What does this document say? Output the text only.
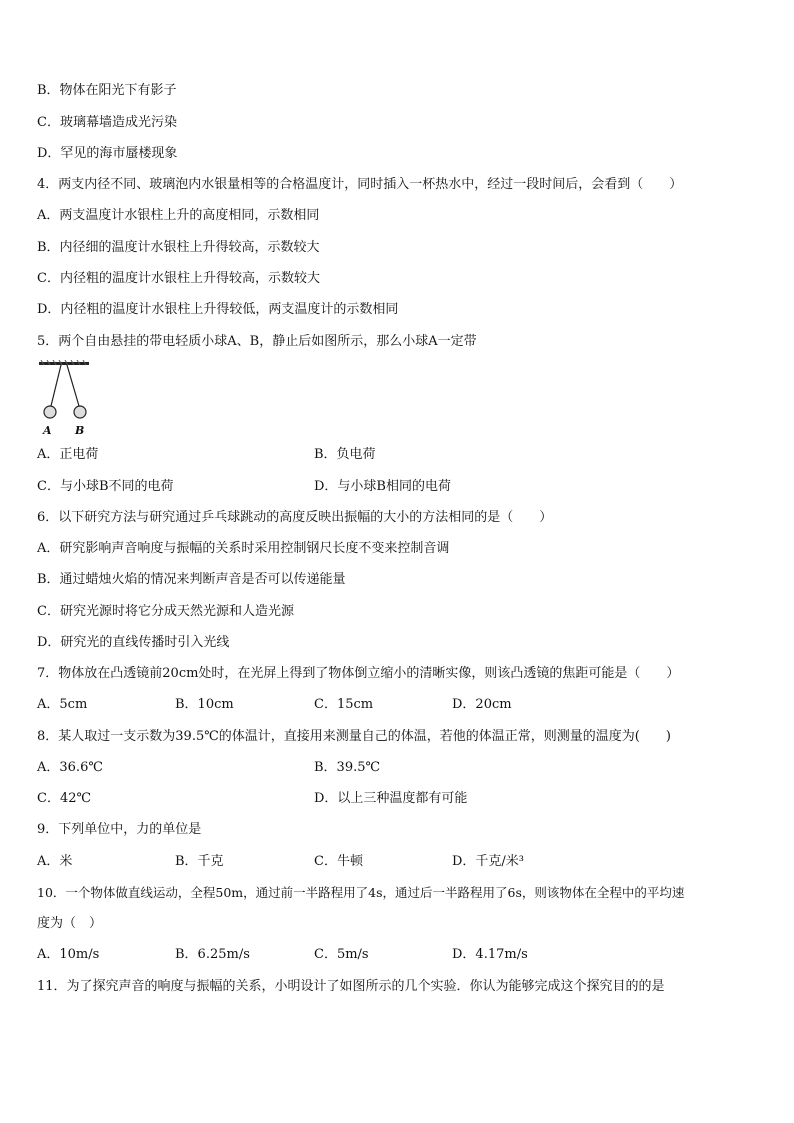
B．物体在阳光下有影子
C．玻璃幕墙造成光污染
D．罕见的海市蜃楼现象
4．两支内径不同、玻璃泡内水银量相等的合格温度计，同时插入一杯热水中，经过一段时间后，会看到（　　）
A．两支温度计水银柱上升的高度相同，示数相同
B．内径细的温度计水银柱上升得较高，示数较大
C．内径粗的温度计水银柱上升得较高，示数较大
D．内径粗的温度计水银柱上升得较低，两支温度计的示数相同
5．两个自由悬挂的带电轻质小球A、B，静止后如图所示，那么小球A一定带
A B
A．正电荷	B．负电荷
C．与小球B不同的电荷	D．与小球B相同的电荷
6．以下研究方法与研究通过乒乓球跳动的高度反映出振幅的大小的方法相同的是（　　）
A．研究影响声音响度与振幅的关系时采用控制钢尺长度不变来控制音调
B．通过蜡烛火焰的情况来判断声音是否可以传递能量
C．研究光源时将它分成天然光源和人造光源
D．研究光的直线传播时引入光线
7．物体放在凸透镜前20cm处时，在光屏上得到了物体倒立缩小的清晰实像，则该凸透镜的焦距可能是（　　）
A．5cm	B．10cm	C．15cm	D．20cm
8．某人取过一支示数为39.5℃的体温计，直接用来测量自己的体温，若他的体温正常，则测量的温度为(　　)
A．36.6℃	B．39.5℃
C．42℃	D．以上三种温度都有可能
9．下列单位中，力的单位是
A．米	B．千克	C．牛顿	D．千克/米³
10．一个物体做直线运动，全程50m，通过前一半路程用了4s，通过后一半路程用了6s，则该物体在全程中的平均速
度为（　）
A．10m/s	B．6.25m/s	C．5m/s	D．4.17m/s
11．为了探究声音的响度与振幅的关系，小明设计了如图所示的几个实验．你认为能够完成这个探究目的的是
